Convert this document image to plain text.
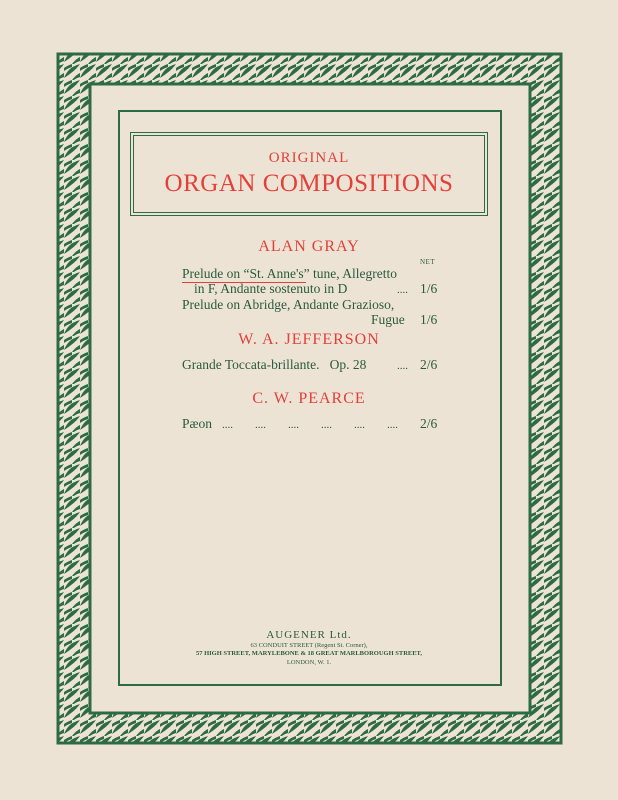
ORIGINAL
ORGAN COMPOSITIONS
ALAN GRAY
NET
Prelude on “St. Anne's” tune, Allegretto
in F, Andante sostenuto in D	.... 1/6
Prelude on Abridge, Andante Grazioso,
Fugue 1/6
W. A. JEFFERSON
Grande Toccata-brillante.   Op. 28	.... 2/6
C. W. PEARCE
Pæon ....        ....        ....        ....        ....        .... 2/6
AUGENER Ltd.
63 CONDUIT STREET (Regent St. Corner),
57 HIGH STREET, MARYLEBONE & 18 GREAT MARLBOROUGH STREET,
LONDON, W. 1.
